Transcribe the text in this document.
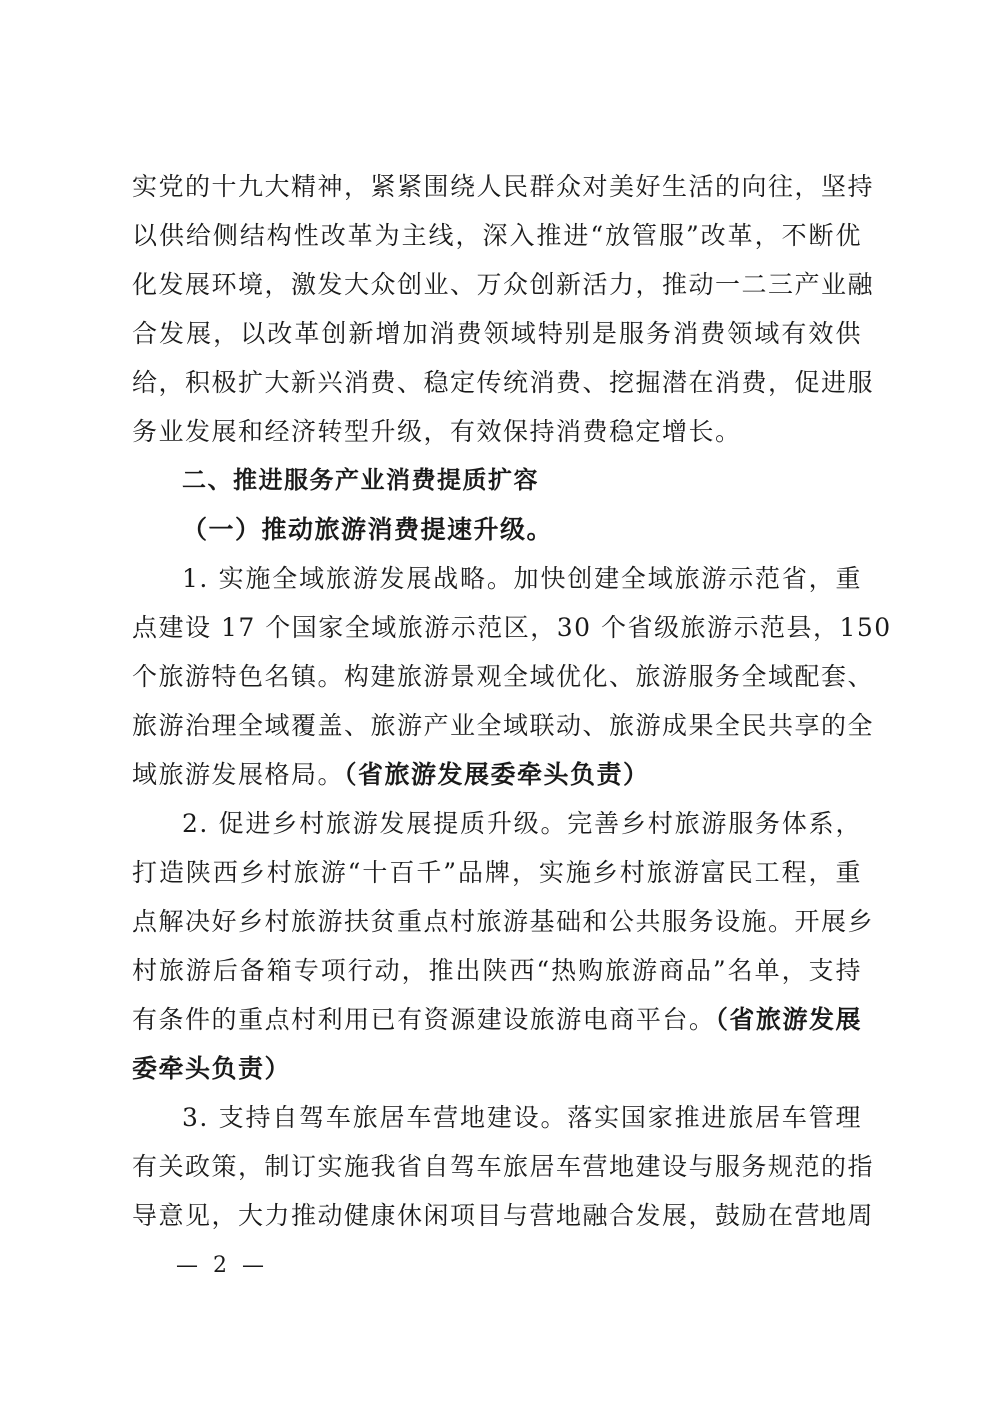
实党的十九大精神，紧紧围绕人民群众对美好生活的向往，坚持
以供给侧结构性改革为主线，深入推进“放管服”改革，不断优
化发展环境，激发大众创业、万众创新活力，推动一二三产业融
合发展，以改革创新增加消费领域特别是服务消费领域有效供
给，积极扩大新兴消费、稳定传统消费、挖掘潜在消费，促进服
务业发展和经济转型升级，有效保持消费稳定增长。
二、推进服务产业消费提质扩容
（一）推动旅游消费提速升级。
1. 实施全域旅游发展战略。加快创建全域旅游示范省，重
点建设 17 个国家全域旅游示范区，30 个省级旅游示范县，150
个旅游特色名镇。构建旅游景观全域优化、旅游服务全域配套、
旅游治理全域覆盖、旅游产业全域联动、旅游成果全民共享的全
域旅游发展格局。（省旅游发展委牵头负责）
2. 促进乡村旅游发展提质升级。完善乡村旅游服务体系，
打造陕西乡村旅游“十百千”品牌，实施乡村旅游富民工程，重
点解决好乡村旅游扶贫重点村旅游基础和公共服务设施。开展乡
村旅游后备箱专项行动，推出陕西“热购旅游商品”名单，支持
有条件的重点村利用已有资源建设旅游电商平台。（省旅游发展
委牵头负责）
3. 支持自驾车旅居车营地建设。落实国家推进旅居车管理
有关政策，制订实施我省自驾车旅居车营地建设与服务规范的指
导意见，大力推动健康休闲项目与营地融合发展，鼓励在营地周
— 2 —
